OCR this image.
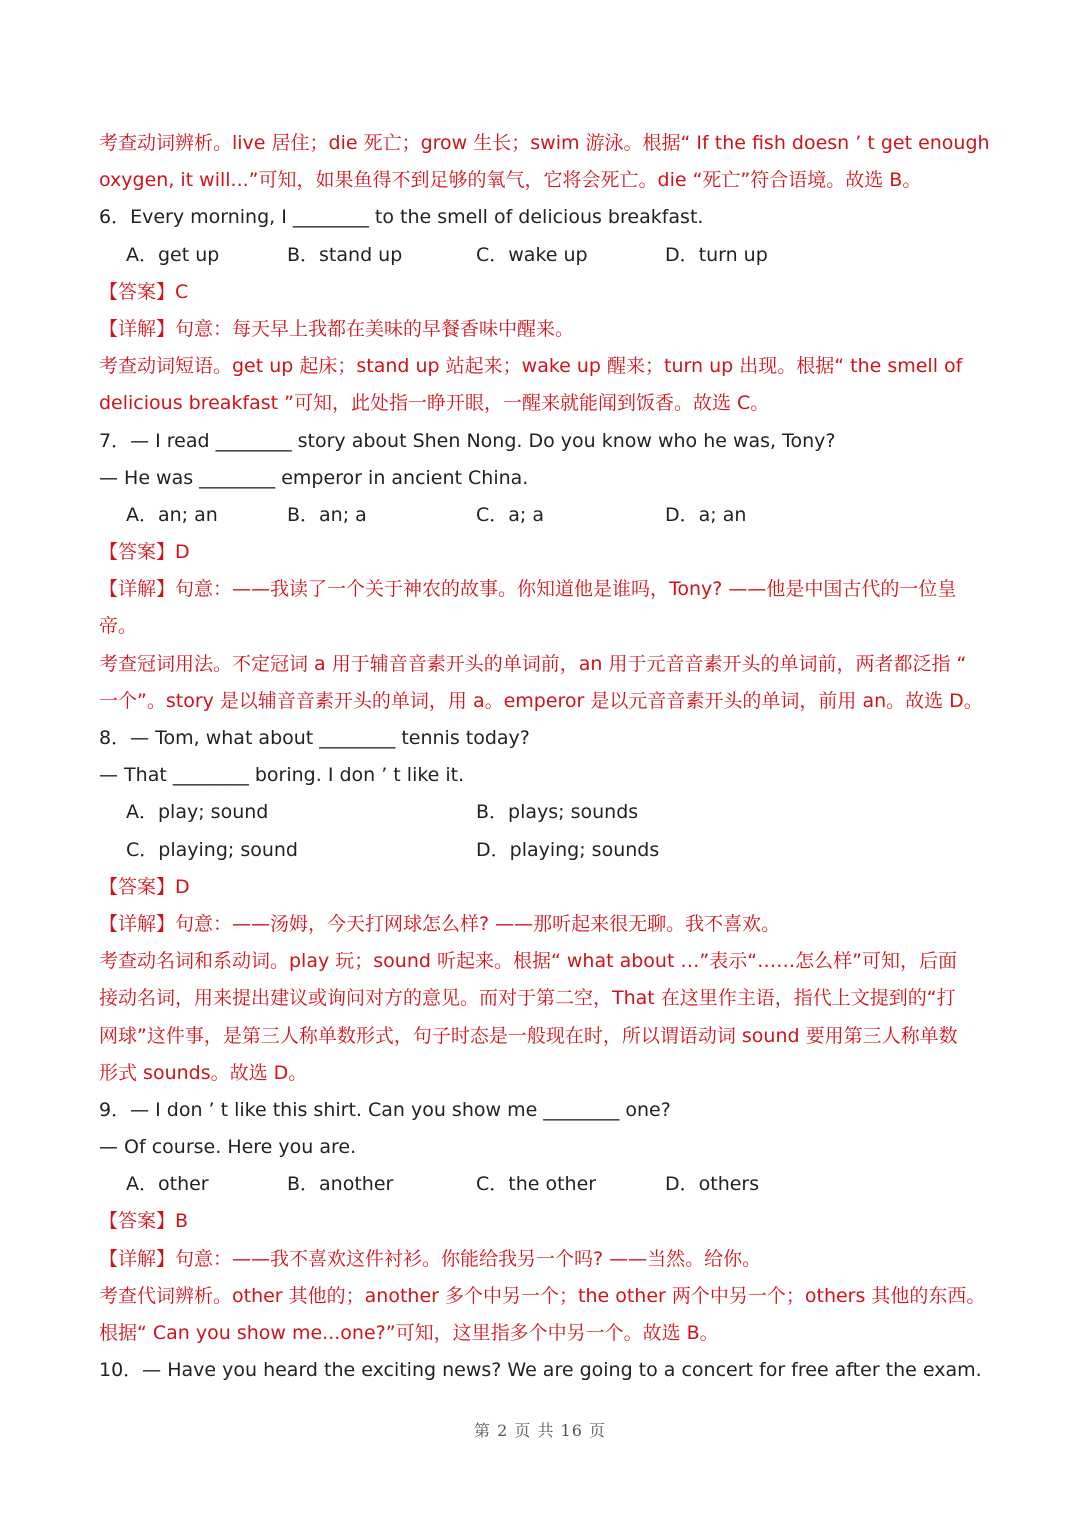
考查动词辨析。live 居住；die 死亡；grow 生长；swim 游泳。根据“ If the fish doesn ’ t get enough
oxygen, it will...”可知，如果鱼得不到足够的氧气，它将会死亡。die “死亡”符合语境。故选 B。
6．Every morning, I ________ to the smell of delicious breakfast.
A．get up	B．stand up	C．wake up	D．turn up
【答案】C
【详解】句意：每天早上我都在美味的早餐香味中醒来。
考查动词短语。get up 起床；stand up 站起来；wake up 醒来；turn up 出现。根据“ the smell of
delicious breakfast ”可知，此处指一睁开眼，一醒来就能闻到饭香。故选 C。
7．— I read ________ story about Shen Nong. Do you know who he was, Tony?
— He was ________ emperor in ancient China.
A．an; an	B．an; a	C．a; a	D．a; an
【答案】D
【详解】句意：——我读了一个关于神农的故事。你知道他是谁吗，Tony? ——他是中国古代的一位皇
帝。
考查冠词用法。不定冠词 a 用于辅音音素开头的单词前，an 用于元音音素开头的单词前，两者都泛指 “
一个”。story 是以辅音音素开头的单词，用 a。emperor 是以元音音素开头的单词，前用 an。故选 D。
8．— Tom, what about ________ tennis today?
— That ________ boring. I don ’ t like it.
A．play; sound	B．plays; sounds
C．playing; sound	D．playing; sounds
【答案】D
【详解】句意：——汤姆，今天打网球怎么样? ——那听起来很无聊。我不喜欢。
考查动名词和系动词。play 玩；sound 听起来。根据“ what about …”表示“……怎么样”可知，后面
接动名词，用来提出建议或询问对方的意见。而对于第二空，That 在这里作主语，指代上文提到的“打
网球”这件事，是第三人称单数形式，句子时态是一般现在时，所以谓语动词 sound 要用第三人称单数
形式 sounds。故选 D。
9．— I don ’ t like this shirt. Can you show me ________ one?
— Of course. Here you are.
A．other	B．another	C．the other	D．others
【答案】B
【详解】句意：——我不喜欢这件衬衫。你能给我另一个吗? ——当然。给你。
考查代词辨析。other 其他的；another 多个中另一个；the other 两个中另一个；others 其他的东西。
根据“ Can you show me...one?”可知，这里指多个中另一个。故选 B。
10．— Have you heard the exciting news? We are going to a concert for free after the exam.
第 2 页 共 16 页
